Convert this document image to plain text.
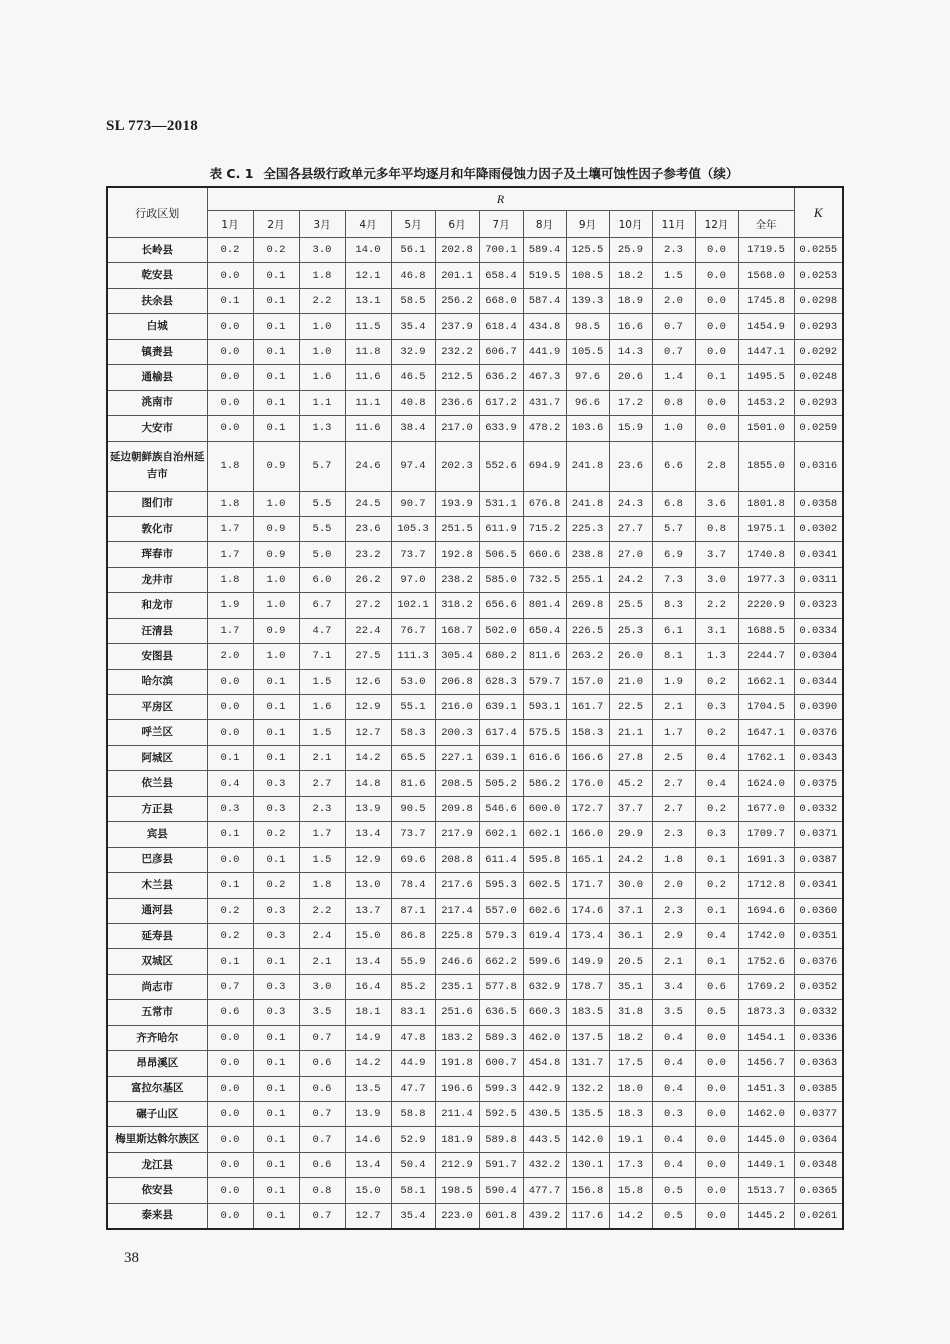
SL 773—2018
表 C. 1 全国各县级行政单元多年平均逐月和年降雨侵蚀力因子及土壤可蚀性因子参考值（续）
行政区划	R													K
	1月	2月	3月	4月	5月	6月	7月	8月	9月	10月	11月	12月	全年	
长岭县	0.2	0.2	3.0	14.0	56.1	202.8	700.1	589.4	125.5	25.9	2.3	0.0	1719.5	0.0255
乾安县	0.0	0.1	1.8	12.1	46.8	201.1	658.4	519.5	108.5	18.2	1.5	0.0	1568.0	0.0253
扶余县	0.1	0.1	2.2	13.1	58.5	256.2	668.0	587.4	139.3	18.9	2.0	0.0	1745.8	0.0298
白城	0.0	0.1	1.0	11.5	35.4	237.9	618.4	434.8	98.5	16.6	0.7	0.0	1454.9	0.0293
镇赉县	0.0	0.1	1.0	11.8	32.9	232.2	606.7	441.9	105.5	14.3	0.7	0.0	1447.1	0.0292
通榆县	0.0	0.1	1.6	11.6	46.5	212.5	636.2	467.3	97.6	20.6	1.4	0.1	1495.5	0.0248
洮南市	0.0	0.1	1.1	11.1	40.8	236.6	617.2	431.7	96.6	17.2	0.8	0.0	1453.2	0.0293
大安市	0.0	0.1	1.3	11.6	38.4	217.0	633.9	478.2	103.6	15.9	1.0	0.0	1501.0	0.0259
延边朝鲜族自治州延吉市	1.8	0.9	5.7	24.6	97.4	202.3	552.6	694.9	241.8	23.6	6.6	2.8	1855.0	0.0316
图们市	1.8	1.0	5.5	24.5	90.7	193.9	531.1	676.8	241.8	24.3	6.8	3.6	1801.8	0.0358
敦化市	1.7	0.9	5.5	23.6	105.3	251.5	611.9	715.2	225.3	27.7	5.7	0.8	1975.1	0.0302
珲春市	1.7	0.9	5.0	23.2	73.7	192.8	506.5	660.6	238.8	27.0	6.9	3.7	1740.8	0.0341
龙井市	1.8	1.0	6.0	26.2	97.0	238.2	585.0	732.5	255.1	24.2	7.3	3.0	1977.3	0.0311
和龙市	1.9	1.0	6.7	27.2	102.1	318.2	656.6	801.4	269.8	25.5	8.3	2.2	2220.9	0.0323
汪清县	1.7	0.9	4.7	22.4	76.7	168.7	502.0	650.4	226.5	25.3	6.1	3.1	1688.5	0.0334
安图县	2.0	1.0	7.1	27.5	111.3	305.4	680.2	811.6	263.2	26.0	8.1	1.3	2244.7	0.0304
哈尔滨	0.0	0.1	1.5	12.6	53.0	206.8	628.3	579.7	157.0	21.0	1.9	0.2	1662.1	0.0344
平房区	0.0	0.1	1.6	12.9	55.1	216.0	639.1	593.1	161.7	22.5	2.1	0.3	1704.5	0.0390
呼兰区	0.0	0.1	1.5	12.7	58.3	200.3	617.4	575.5	158.3	21.1	1.7	0.2	1647.1	0.0376
阿城区	0.1	0.1	2.1	14.2	65.5	227.1	639.1	616.6	166.6	27.8	2.5	0.4	1762.1	0.0343
依兰县	0.4	0.3	2.7	14.8	81.6	208.5	505.2	586.2	176.0	45.2	2.7	0.4	1624.0	0.0375
方正县	0.3	0.3	2.3	13.9	90.5	209.8	546.6	600.0	172.7	37.7	2.7	0.2	1677.0	0.0332
宾县	0.1	0.2	1.7	13.4	73.7	217.9	602.1	602.1	166.0	29.9	2.3	0.3	1709.7	0.0371
巴彦县	0.0	0.1	1.5	12.9	69.6	208.8	611.4	595.8	165.1	24.2	1.8	0.1	1691.3	0.0387
木兰县	0.1	0.2	1.8	13.0	78.4	217.6	595.3	602.5	171.7	30.0	2.0	0.2	1712.8	0.0341
通河县	0.2	0.3	2.2	13.7	87.1	217.4	557.0	602.6	174.6	37.1	2.3	0.1	1694.6	0.0360
延寿县	0.2	0.3	2.4	15.0	86.8	225.8	579.3	619.4	173.4	36.1	2.9	0.4	1742.0	0.0351
双城区	0.1	0.1	2.1	13.4	55.9	246.6	662.2	599.6	149.9	20.5	2.1	0.1	1752.6	0.0376
尚志市	0.7	0.3	3.0	16.4	85.2	235.1	577.8	632.9	178.7	35.1	3.4	0.6	1769.2	0.0352
五常市	0.6	0.3	3.5	18.1	83.1	251.6	636.5	660.3	183.5	31.8	3.5	0.5	1873.3	0.0332
齐齐哈尔	0.0	0.1	0.7	14.9	47.8	183.2	589.3	462.0	137.5	18.2	0.4	0.0	1454.1	0.0336
昂昂溪区	0.0	0.1	0.6	14.2	44.9	191.8	600.7	454.8	131.7	17.5	0.4	0.0	1456.7	0.0363
富拉尔基区	0.0	0.1	0.6	13.5	47.7	196.6	599.3	442.9	132.2	18.0	0.4	0.0	1451.3	0.0385
碾子山区	0.0	0.1	0.7	13.9	58.8	211.4	592.5	430.5	135.5	18.3	0.3	0.0	1462.0	0.0377
梅里斯达斡尔族区	0.0	0.1	0.7	14.6	52.9	181.9	589.8	443.5	142.0	19.1	0.4	0.0	1445.0	0.0364
龙江县	0.0	0.1	0.6	13.4	50.4	212.9	591.7	432.2	130.1	17.3	0.4	0.0	1449.1	0.0348
依安县	0.0	0.1	0.8	15.0	58.1	198.5	590.4	477.7	156.8	15.8	0.5	0.0	1513.7	0.0365
泰来县	0.0	0.1	0.7	12.7	35.4	223.0	601.8	439.2	117.6	14.2	0.5	0.0	1445.2	0.0261
38
